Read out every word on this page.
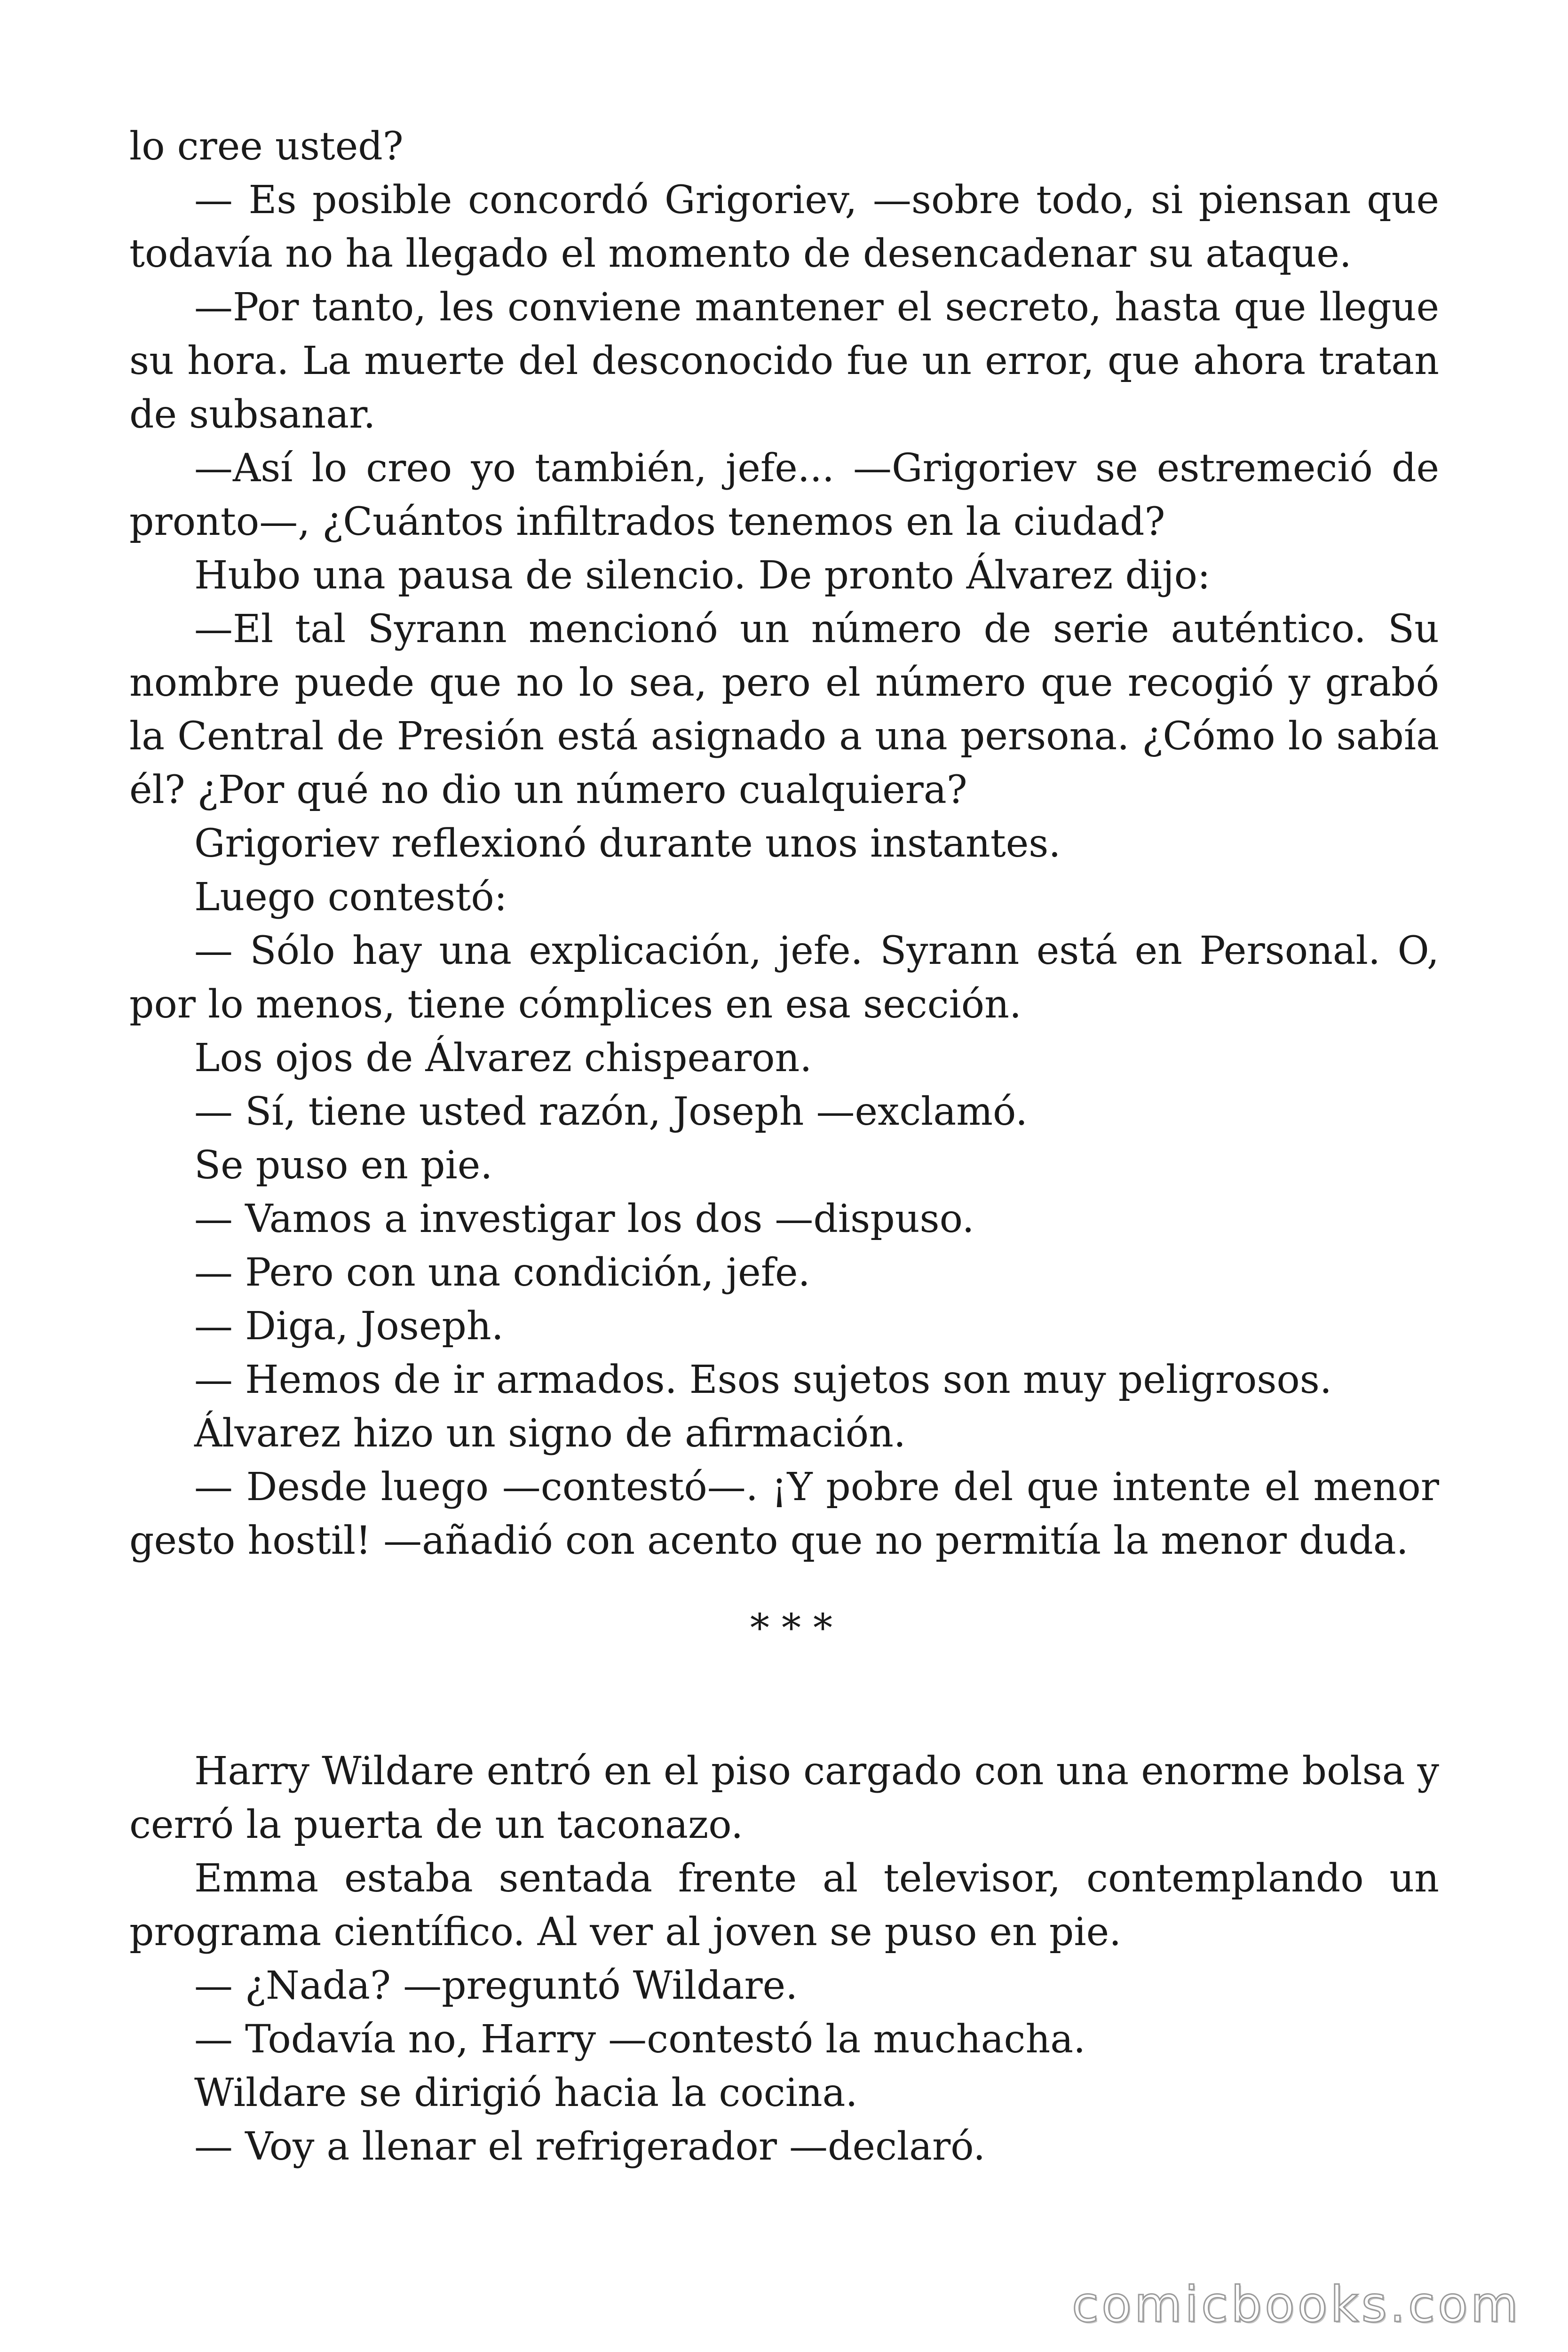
lo cree usted?

— Es posible concordó Grigoriev, —sobre todo, si piensan que todavía no ha llegado el momento de desencadenar su ataque.

—Por tanto, les conviene mantener el secreto, hasta que llegue su hora. La muerte del desconocido fue un error, que ahora tratan de subsanar.

—Así lo creo yo también, jefe... —Grigoriev se estremeció de pronto—, ¿Cuántos infiltrados tenemos en la ciudad?

Hubo una pausa de silencio. De pronto Álvarez dijo:

—El tal Syrann mencionó un número de serie auténtico. Su nombre puede que no lo sea, pero el número que recogió y grabó la Central de Presión está asignado a una persona. ¿Cómo lo sabía él? ¿Por qué no dio un número cualquiera?

Grigoriev reflexionó durante unos instantes.

Luego contestó:

— Sólo hay una explicación, jefe. Syrann está en Personal. O, por lo menos, tiene cómplices en esa sección.

Los ojos de Álvarez chispearon.

— Sí, tiene usted razón, Joseph —exclamó.

Se puso en pie.

— Vamos a investigar los dos —dispuso.

— Pero con una condición, jefe.

— Diga, Joseph.

— Hemos de ir armados. Esos sujetos son muy peligrosos.

Álvarez hizo un signo de afirmación.

— Desde luego —contestó—. ¡Y pobre del que intente el menor gesto hostil! —añadió con acento que no permitía la menor duda.

* * *

Harry Wildare entró en el piso cargado con una enorme bolsa y cerró la puerta de un taconazo.

Emma estaba sentada frente al televisor, contemplando un programa científico. Al ver al joven se puso en pie.

— ¿Nada? —preguntó Wildare.

— Todavía no, Harry —contestó la muchacha.

Wildare se dirigió hacia la cocina.

— Voy a llenar el refrigerador —declaró.

comicbooks.com
